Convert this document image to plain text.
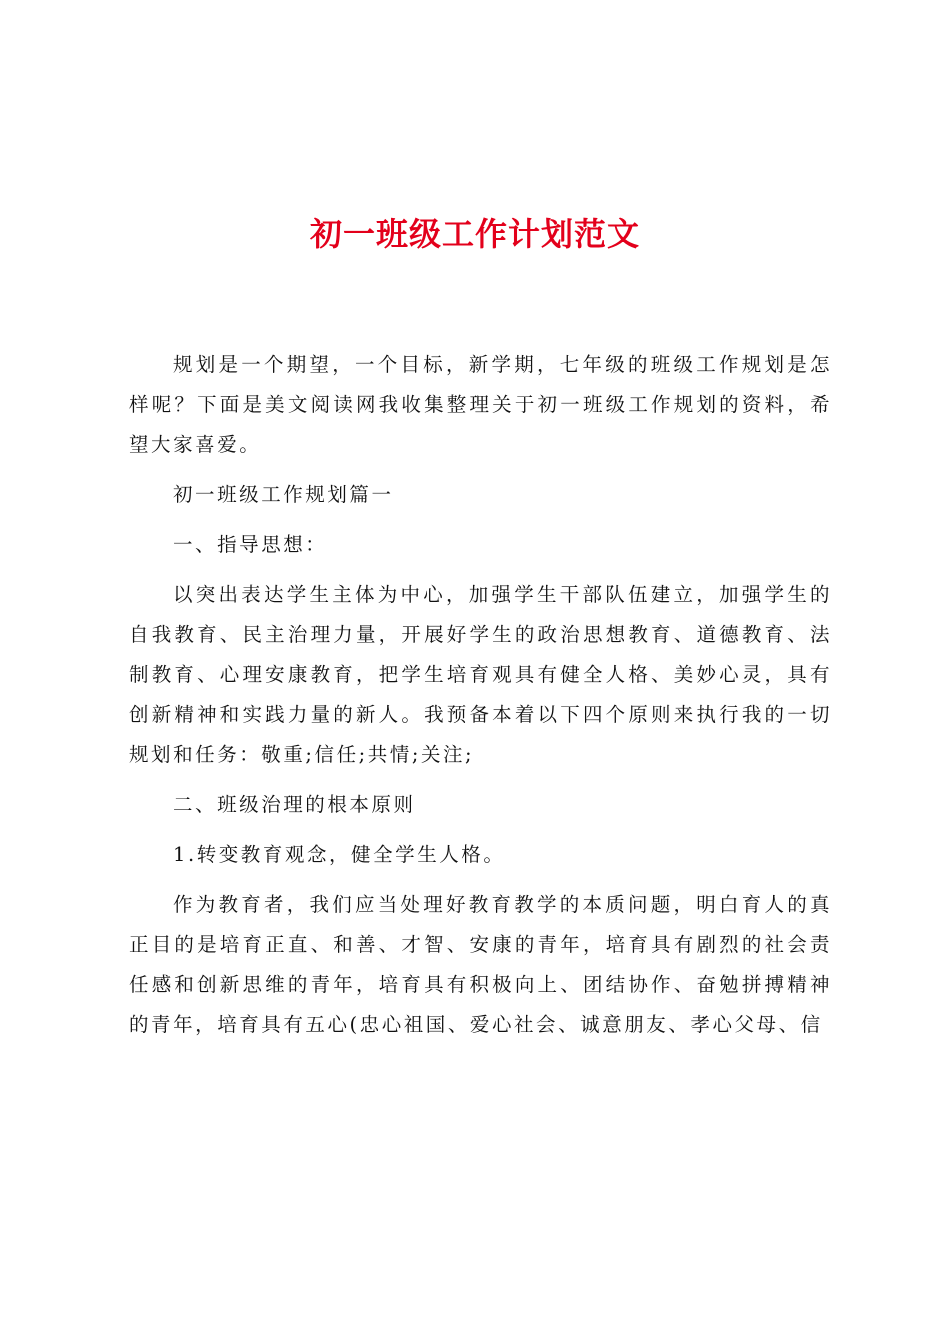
初一班级工作计划范文

规划是一个期望，一个目标，新学期，七年级的班级工作规划是怎样呢？下面是美文阅读网我收集整理关于初一班级工作规划的资料，希望大家喜爱。

初一班级工作规划篇一

一、指导思想：

以突出表达学生主体为中心，加强学生干部队伍建立，加强学生的自我教育、民主治理力量，开展好学生的政治思想教育、道德教育、法制教育、心理安康教育，把学生培育观具有健全人格、美妙心灵，具有创新精神和实践力量的新人。我预备本着以下四个原则来执行我的一切规划和任务：敬重;信任;共情;关注;

二、班级治理的根本原则

1.转变教育观念，健全学生人格。

作为教育者，我们应当处理好教育教学的本质问题，明白育人的真正目的是培育正直、和善、才智、安康的青年，培育具有剧烈的社会责任感和创新思维的青年，培育具有积极向上、团结协作、奋勉拼搏精神的青年，培育具有五心(忠心祖国、爱心社会、诚意朋友、孝心父母、信
